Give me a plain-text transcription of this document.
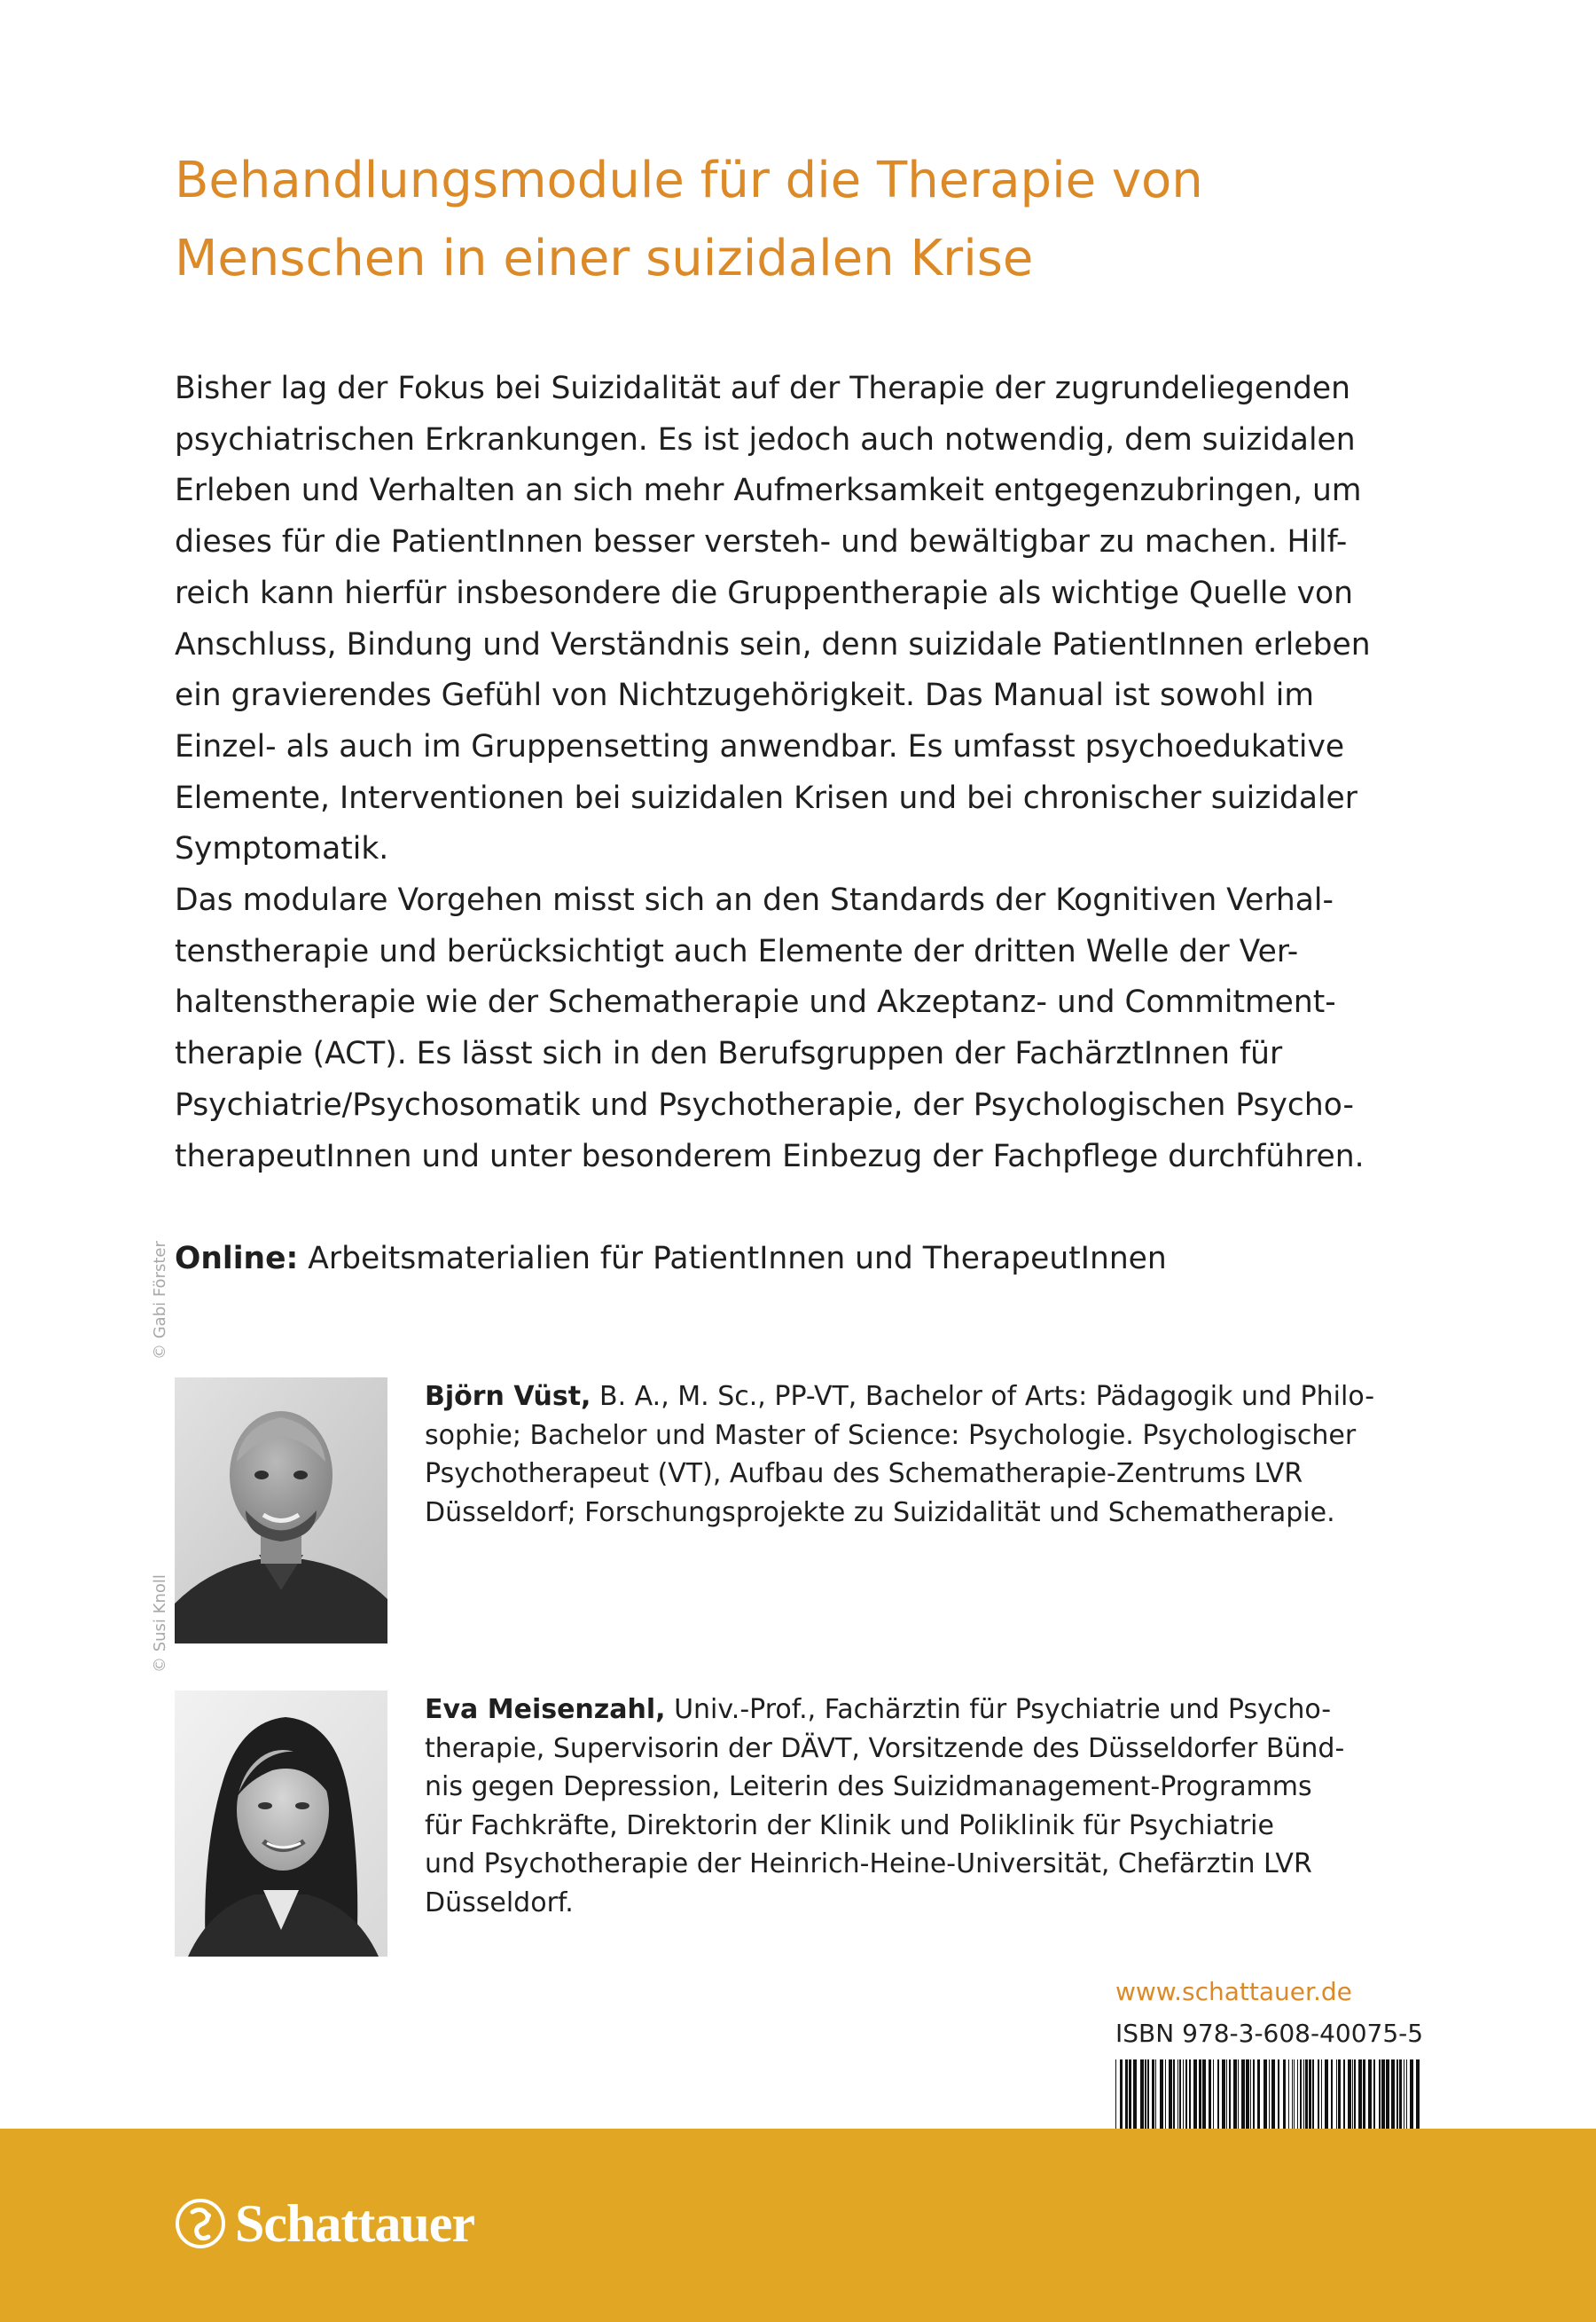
Behandlungsmodule für die Therapie von
Menschen in einer suizidalen Krise
Bisher lag der Fokus bei Suizidalität auf der Therapie der zugrundeliegenden
psychiatrischen Erkrankungen. Es ist jedoch auch notwendig, dem suizidalen
Erleben und Verhalten an sich mehr Aufmerksamkeit entgegenzubringen, um
dieses für die PatientInnen besser versteh- und bewältigbar zu machen. Hilf-
reich kann hierfür insbesondere die Gruppentherapie als wichtige Quelle von
Anschluss, Bindung und Verständnis sein, denn suizidale PatientInnen erleben
ein gravierendes Gefühl von Nichtzugehörigkeit. Das Manual ist sowohl im
Einzel- als auch im Gruppensetting anwendbar. Es umfasst psychoedukative
Elemente, Interventionen bei suizidalen Krisen und bei chronischer suizidaler
Symptomatik.
Das modulare Vorgehen misst sich an den Standards der Kognitiven Verhal-
tenstherapie und berücksichtigt auch Elemente der dritten Welle der Ver-
haltenstherapie wie der Schematherapie und Akzeptanz- und Commitment-
therapie (ACT). Es lässt sich in den Berufsgruppen der FachärztInnen für
Psychiatrie/Psychosomatik und Psychotherapie, der Psychologischen Psycho-
therapeutInnen und unter besonderem Einbezug der Fachpflege durchführen.
Online: Arbeitsmaterialien für PatientInnen und TherapeutInnen
© Gabi Förster
Björn Vüst, B. A., M. Sc., PP-VT, Bachelor of Arts: Pädagogik und Philo-
sophie; Bachelor und Master of Science: Psychologie. Psychologischer
Psychotherapeut (VT), Aufbau des Schematherapie-Zentrums LVR
Düsseldorf; Forschungsprojekte zu Suizidalität und Schematherapie.
© Susi Knoll
Eva Meisenzahl, Univ.-Prof., Fachärztin für Psychiatrie und Psycho-
therapie, Supervisorin der DÄVT, Vorsitzende des Düsseldorfer Bünd-
nis gegen Depression, Leiterin des Suizidmanagement-Programms
für Fachkräfte, Direktorin der Klinik und Poliklinik für Psychiatrie
und Psychotherapie der Heinrich-Heine-Universität, Chefärztin LVR
Düsseldorf.
www.schattauer.de
ISBN 978-3-608-40075-5
Schattauer
